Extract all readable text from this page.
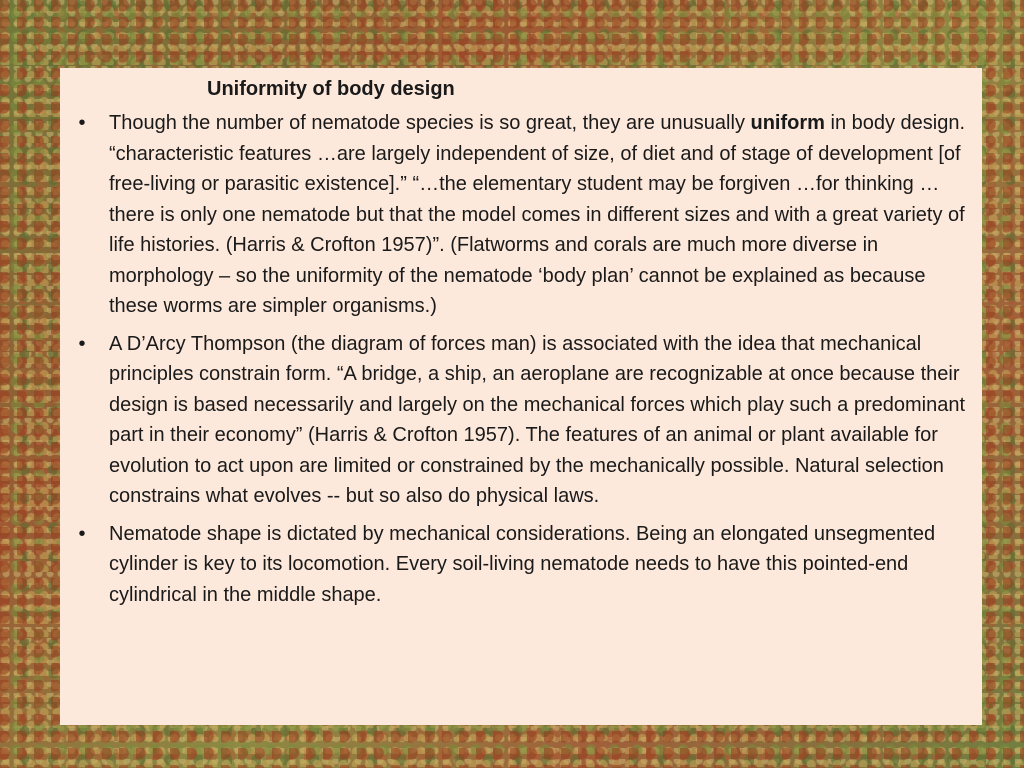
Uniformity of body design
• Though the number of nematode species is so great, they are unusually uniform in body design. “characteristic features …are largely independent of size, of diet and of stage of development [of free-living or parasitic existence].” “…the elementary student may be forgiven …for thinking …there is only one nematode but that the model comes in different sizes and with a great variety of life histories. (Harris & Crofton 1957)”. (Flatworms and corals are much more diverse in morphology – so the uniformity of the nematode ‘body plan’ cannot be explained as because these worms are simpler organisms.)
• A D’Arcy Thompson (the diagram of forces man) is associated with the idea that mechanical principles constrain form. “A bridge, a ship, an aeroplane are recognizable at once because their design is based necessarily and largely on the mechanical forces which play such a predominant part in their economy” (Harris & Crofton 1957). The features of an animal or plant available for evolution to act upon are limited or constrained by the mechanically possible. Natural selection constrains what evolves -- but so also do physical laws.
• Nematode shape is dictated by mechanical considerations. Being an elongated unsegmented cylinder is key to its locomotion. Every soil-living nematode needs to have this pointed-end cylindrical in the middle shape.
